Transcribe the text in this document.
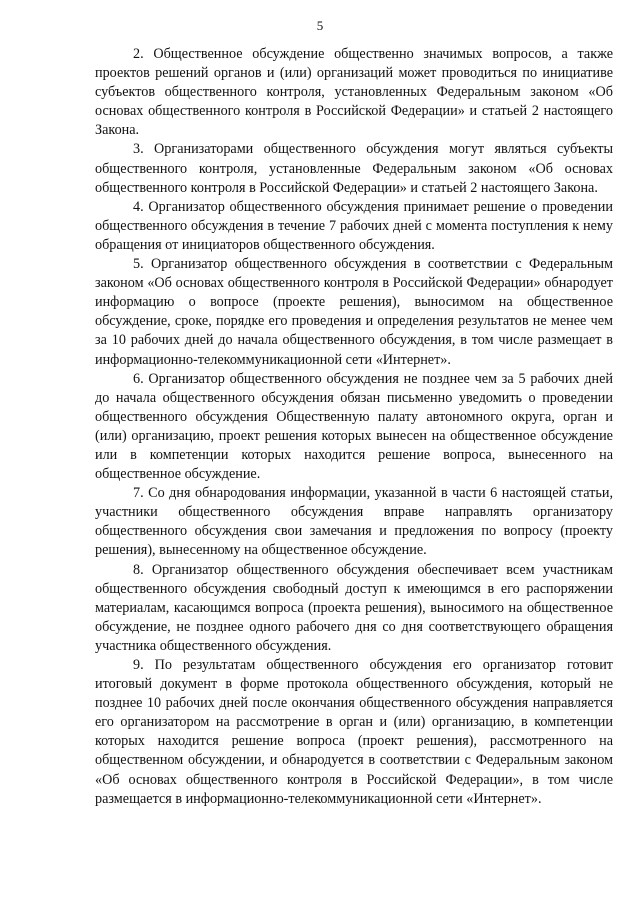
5

2. Общественное обсуждение общественно значимых вопросов, а также проектов решений органов и (или) организаций может проводиться по инициативе субъектов общественного контроля, установленных Федеральным законом «Об основах общественного контроля в Российской Федерации» и статьей 2 настоящего Закона.

3. Организаторами общественного обсуждения могут являться субъекты общественного контроля, установленные Федеральным законом «Об основах общественного контроля в Российской Федерации» и статьей 2 настоящего Закона.

4. Организатор общественного обсуждения принимает решение о проведении общественного обсуждения в течение 7 рабочих дней с момента поступления к нему обращения от инициаторов общественного обсуждения.

5. Организатор общественного обсуждения в соответствии с Федеральным законом «Об основах общественного контроля в Российской Федерации» обнародует информацию о вопросе (проекте решения), выносимом на общественное обсуждение, сроке, порядке его проведения и определения результатов не менее чем за 10 рабочих дней до начала общественного обсуждения, в том числе размещает в информационно-телекоммуникационной сети «Интернет».

6. Организатор общественного обсуждения не позднее чем за 5 рабочих дней до начала общественного обсуждения обязан письменно уведомить о проведении общественного обсуждения Общественную палату автономного округа, орган и (или) организацию, проект решения которых вынесен на общественное обсуждение или в компетенции которых находится решение вопроса, вынесенного на общественное обсуждение.

7. Со дня обнародования информации, указанной в части 6 настоящей статьи, участники общественного обсуждения вправе направлять организатору общественного обсуждения свои замечания и предложения по вопросу (проекту решения), вынесенному на общественное обсуждение.

8. Организатор общественного обсуждения обеспечивает всем участникам общественного обсуждения свободный доступ к имеющимся в его распоряжении материалам, касающимся вопроса (проекта решения), выносимого на общественное обсуждение, не позднее одного рабочего дня со дня соответствующего обращения участника общественного обсуждения.

9. По результатам общественного обсуждения его организатор готовит итоговый документ в форме протокола общественного обсуждения, который не позднее 10 рабочих дней после окончания общественного обсуждения направляется его организатором на рассмотрение в орган и (или) организацию, в компетенции которых находится решение вопроса (проект решения), рассмотренного на общественном обсуждении, и обнародуется в соответствии с Федеральным законом «Об основах общественного контроля в Российской Федерации», в том числе размещается в информационно-телекоммуникационной сети «Интернет».
